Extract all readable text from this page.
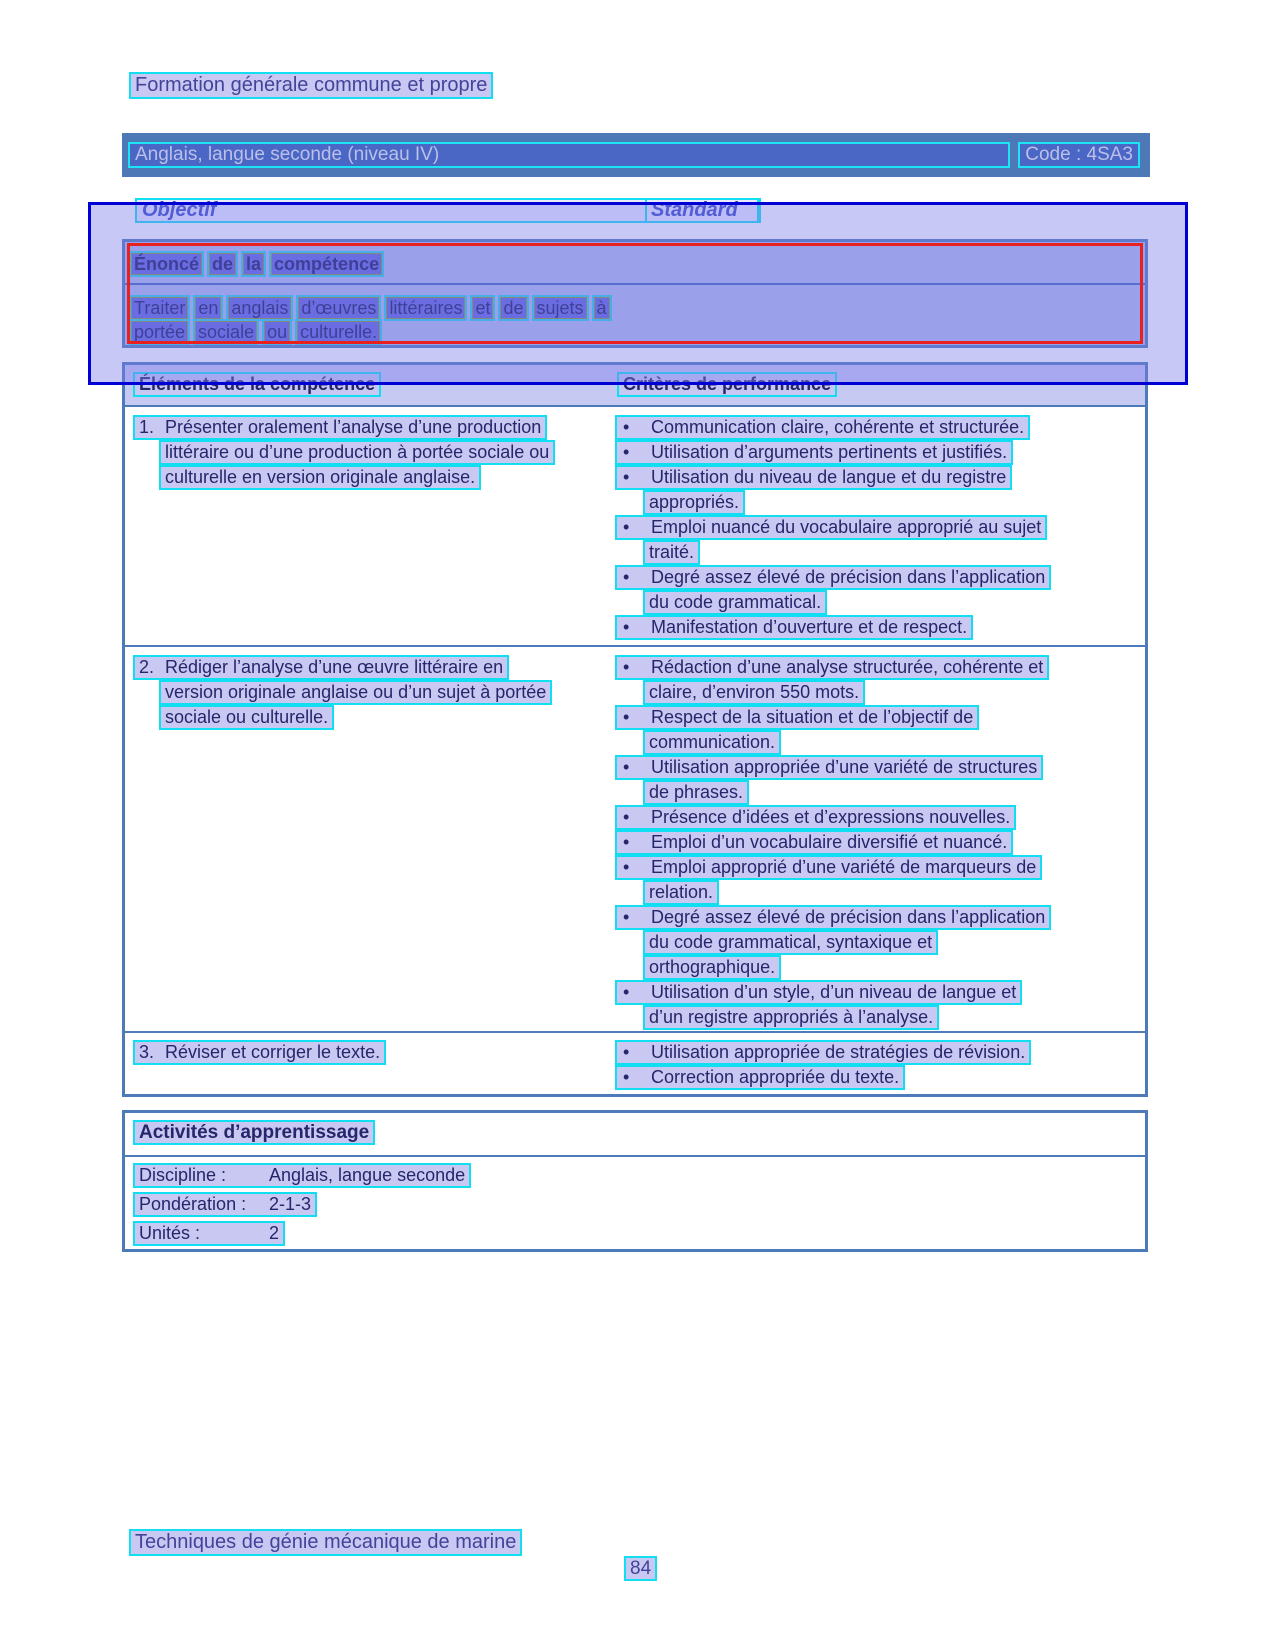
Formation générale commune et propre
Anglais, langue seconde (niveau IV)	Code : 4SA3
Objectif	Standard
Énoncé de la compétence
Traiter en anglais d’œuvres littéraires et de sujets à
portée sociale ou culturelle.
Éléments de la compétence	Critères de performance
1. Présenter oralement l’analyse d’une production
littéraire ou d’une production à portée sociale ou
culturelle en version originale anglaise.
• Communication claire, cohérente et structurée.
• Utilisation d’arguments pertinents et justifiés.
• Utilisation du niveau de langue et du registre
appropriés.
• Emploi nuancé du vocabulaire approprié au sujet
traité.
• Degré assez élevé de précision dans l’application
du code grammatical.
• Manifestation d’ouverture et de respect.
2. Rédiger l’analyse d’une œuvre littéraire en
version originale anglaise ou d’un sujet à portée
sociale ou culturelle.
• Rédaction d’une analyse structurée, cohérente et
claire, d’environ 550 mots.
• Respect de la situation et de l’objectif de
communication.
• Utilisation appropriée d’une variété de structures
de phrases.
• Présence d’idées et d’expressions nouvelles.
• Emploi d’un vocabulaire diversifié et nuancé.
• Emploi approprié d’une variété de marqueurs de
relation.
• Degré assez élevé de précision dans l’application
du code grammatical, syntaxique et
orthographique.
• Utilisation d’un style, d’un niveau de langue et
d’un registre appropriés à l’analyse.
3. Réviser et corriger le texte.	• Utilisation appropriée de stratégies de révision.
• Correction appropriée du texte.
Activités d’apprentissage
Discipline : Anglais, langue seconde
Pondération : 2-1-3
Unités :	2
Techniques de génie mécanique de marine
84
